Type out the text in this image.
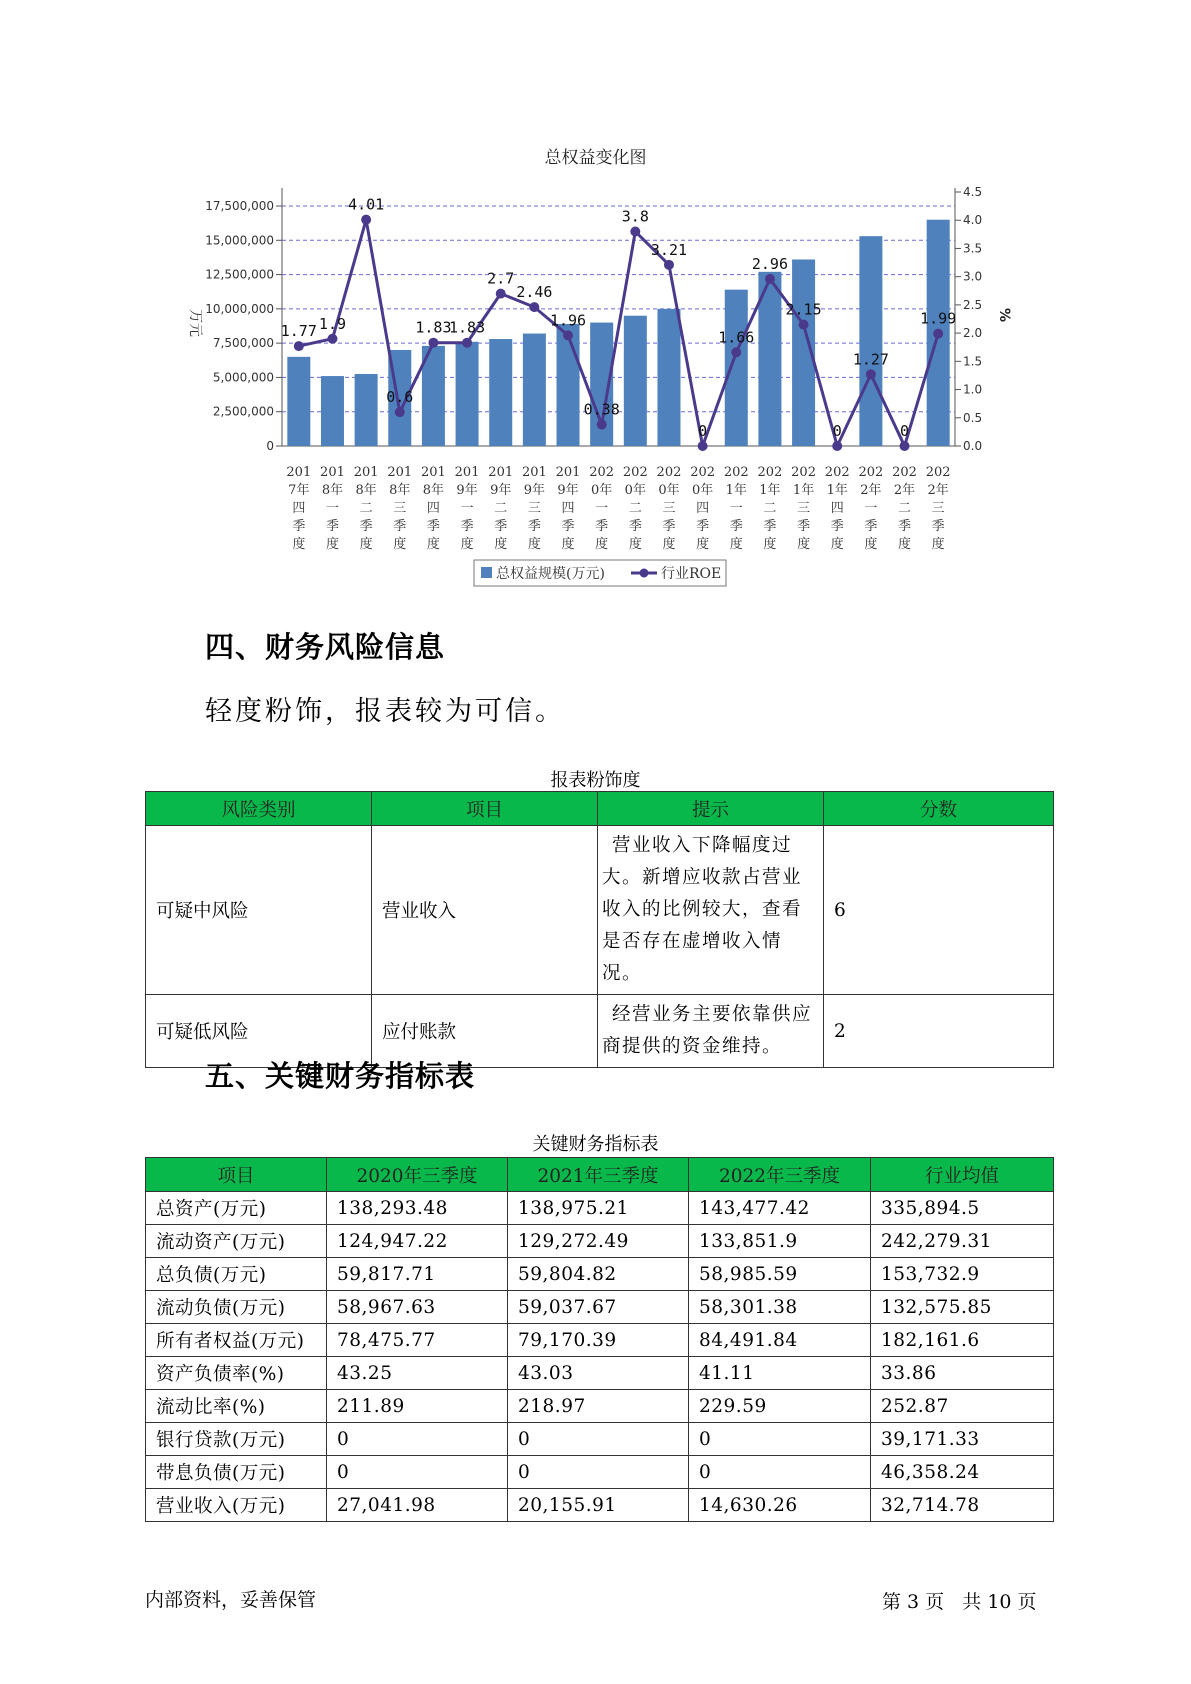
总权益变化图
0
2,500,000
5,000,000
7,500,000
10,000,000
12,500,000
15,000,000
17,500,000
0.0
0.5
1.0
1.5
2.0
2.5
3.0
3.5
4.0
4.5
万元	%
201 7年四季度
201 8年一季度
201 8年二季度
201 8年三季度
201 8年四季度
201 9年一季度
201 9年二季度
201 9年三季度
201 9年四季度
202 0年一季度
202 0年二季度
202 0年三季度
202 0年四季度
202 1年一季度
202 1年二季度
202 1年三季度
202 1年四季度
202 2年一季度
202 2年二季度
202 2年三季度
1.77 1.9
4.01
0.6
1.83
1.83
2.7
2.46
1.96
0.38
3.8
3.21
0
1.66
2.96
2.15
0
1.27
0
1.99
总权益规模(万元)	行业ROE
四、财务风险信息
轻度粉饰，报表较为可信。
报表粉饰度
风险类别	项目	提示	分数
可疑中风险	营业收入	营业收入下降幅度过大。新增应收款占营业收入的比例较大，查看是否存在虚增收入情况。	6
可疑低风险	应付账款	经营业务主要依靠供应商提供的资金维持。	2
五、关键财务指标表
关键财务指标表
项目	2020年三季度	2021年三季度	2022年三季度	行业均值
总资产(万元)	138,293.48	138,975.21	143,477.42	335,894.5
流动资产(万元)	124,947.22	129,272.49	133,851.9	242,279.31
总负债(万元)	59,817.71	59,804.82	58,985.59	153,732.9
流动负债(万元)	58,967.63	59,037.67	58,301.38	132,575.85
所有者权益(万元)	78,475.77	79,170.39	84,491.84	182,161.6
资产负债率(%)	43.25	43.03	41.11	33.86
流动比率(%)	211.89	218.97	229.59	252.87
银行贷款(万元)	0	0	0	39,171.33
带息负债(万元)	0	0	0	46,358.24
营业收入(万元)	27,041.98	20,155.91	14,630.26	32,714.78
内部资料，妥善保管	第 3 页   共 10 页
